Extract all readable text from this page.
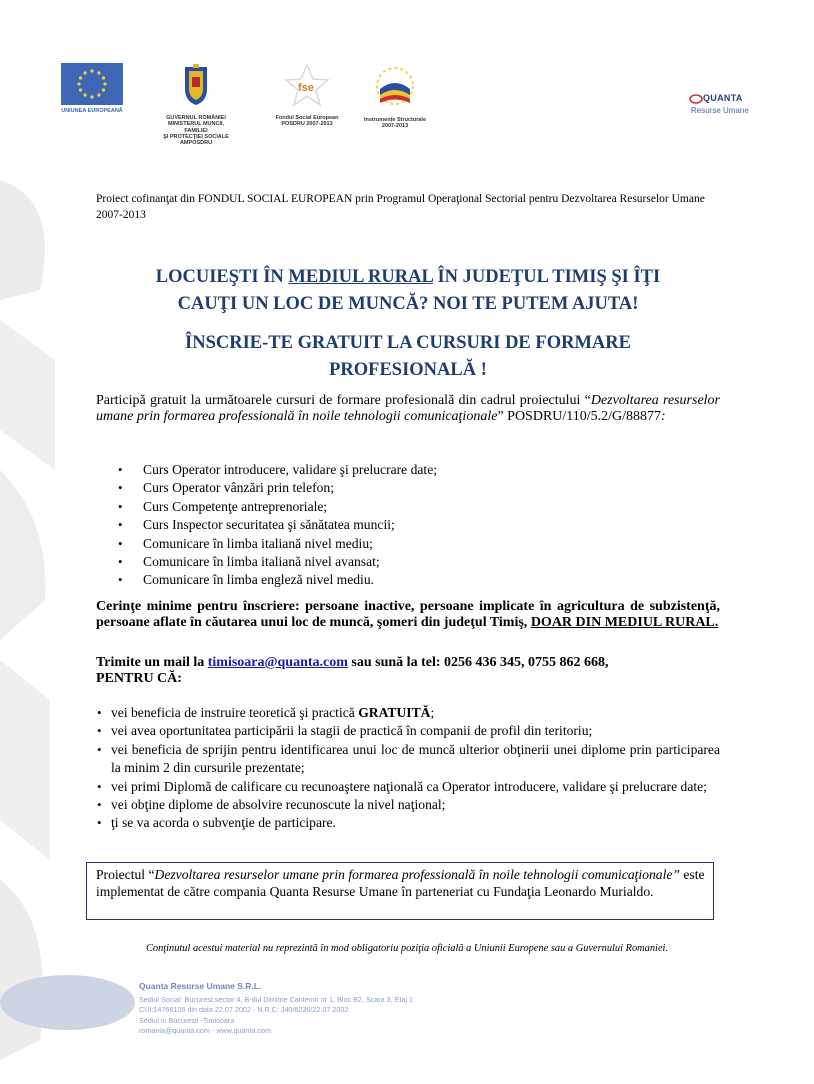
UNIUNEA EUROPEANĂ
GUVERNUL ROMÂNIEI
MINISTERUL MUNCII, FAMILIEI
ŞI PROTECŢIEI SOCIALE
AMPOSDRU
fse
Fondul Social European
POSDRU 2007-2013
Instrumente Structurale
2007-2013
QUANTA
Resurse Umane
Proiect cofinanţat din FONDUL SOCIAL EUROPEAN prin Programul Operaţional Sectorial pentru Dezvoltarea Resurselor Umane 2007-2013
LOCUIEŞTI ÎN MEDIUL RURAL ÎN JUDEŢUL TIMIŞ ŞI ÎŢI
CAUŢI UN LOC DE MUNCĂ? NOI TE PUTEM AJUTA!
ÎNSCRIE-TE GRATUIT LA CURSURI DE FORMARE
PROFESIONALĂ !
Participă gratuit la următoarele cursuri de formare profesională din cadrul proiectului “Dezvoltarea resurselor umane prin formarea professională în noile tehnologii comunicaţionale” POSDRU/110/5.2/G/88877:
• Curs Operator introducere, validare şi prelucrare date;
• Curs Operator vânzări prin telefon;
• Curs Competenţe antreprenoriale;
• Curs Inspector securitatea şi sănătatea muncii;
• Comunicare în limba italiană nivel mediu;
• Comunicare în limba italiană nivel avansat;
• Comunicare în limba engleză nivel mediu.
Cerinţe minime pentru înscriere: persoane inactive, persoane implicate în agricultura de subzistenţă, persoane aflate în căutarea unui loc de muncă, şomeri din judeţul Timiş, DOAR DIN MEDIUL RURAL.
Trimite un mail la timisoara@quanta.com sau sună la tel: 0256 436 345, 0755 862 668,
PENTRU CĂ:
• vei beneficia de instruire teoretică şi practică GRATUITĂ;
• vei avea oportunitatea participării la stagii de practică în companii de profil din teritoriu;
• vei beneficia de sprijin pentru identificarea unui loc de muncă ulterior obţinerii unei diplome prin participarea la minim 2 din cursurile prezentate;
• vei primi Diplomă de calificare cu recunoaştere naţională ca Operator introducere, validare şi prelucrare date;
• vei obţine diplome de absolvire recunoscute la nivel naţional;
• ţi se va acorda o subvenţie de participare.
Proiectul “Dezvoltarea resurselor umane prin formarea professională în noile tehnologii comunicaţionale” este implementat de către compania Quanta Resurse Umane în parteneriat cu Fundaţia Leonardo Murialdo.
Conţinutul acestui material nu reprezintă în mod obligatoriu poziţia oficială a Uniunii Europene sau a Guvernului Romaniei.
Quanta Resurse Umane S.R.L.
Sediul Social: Bucurest,sector 4, B-dul Dimitrie Cantemir nr 1, Bloc B2, Scara 3, Etaj 1
CUI:14766106 din data 22.07.2002 - N.R.C: J40/6236/22.07.2002
Sediul in Bucuresti -Timisoara
romania@quanta.com - www.quanta.com
